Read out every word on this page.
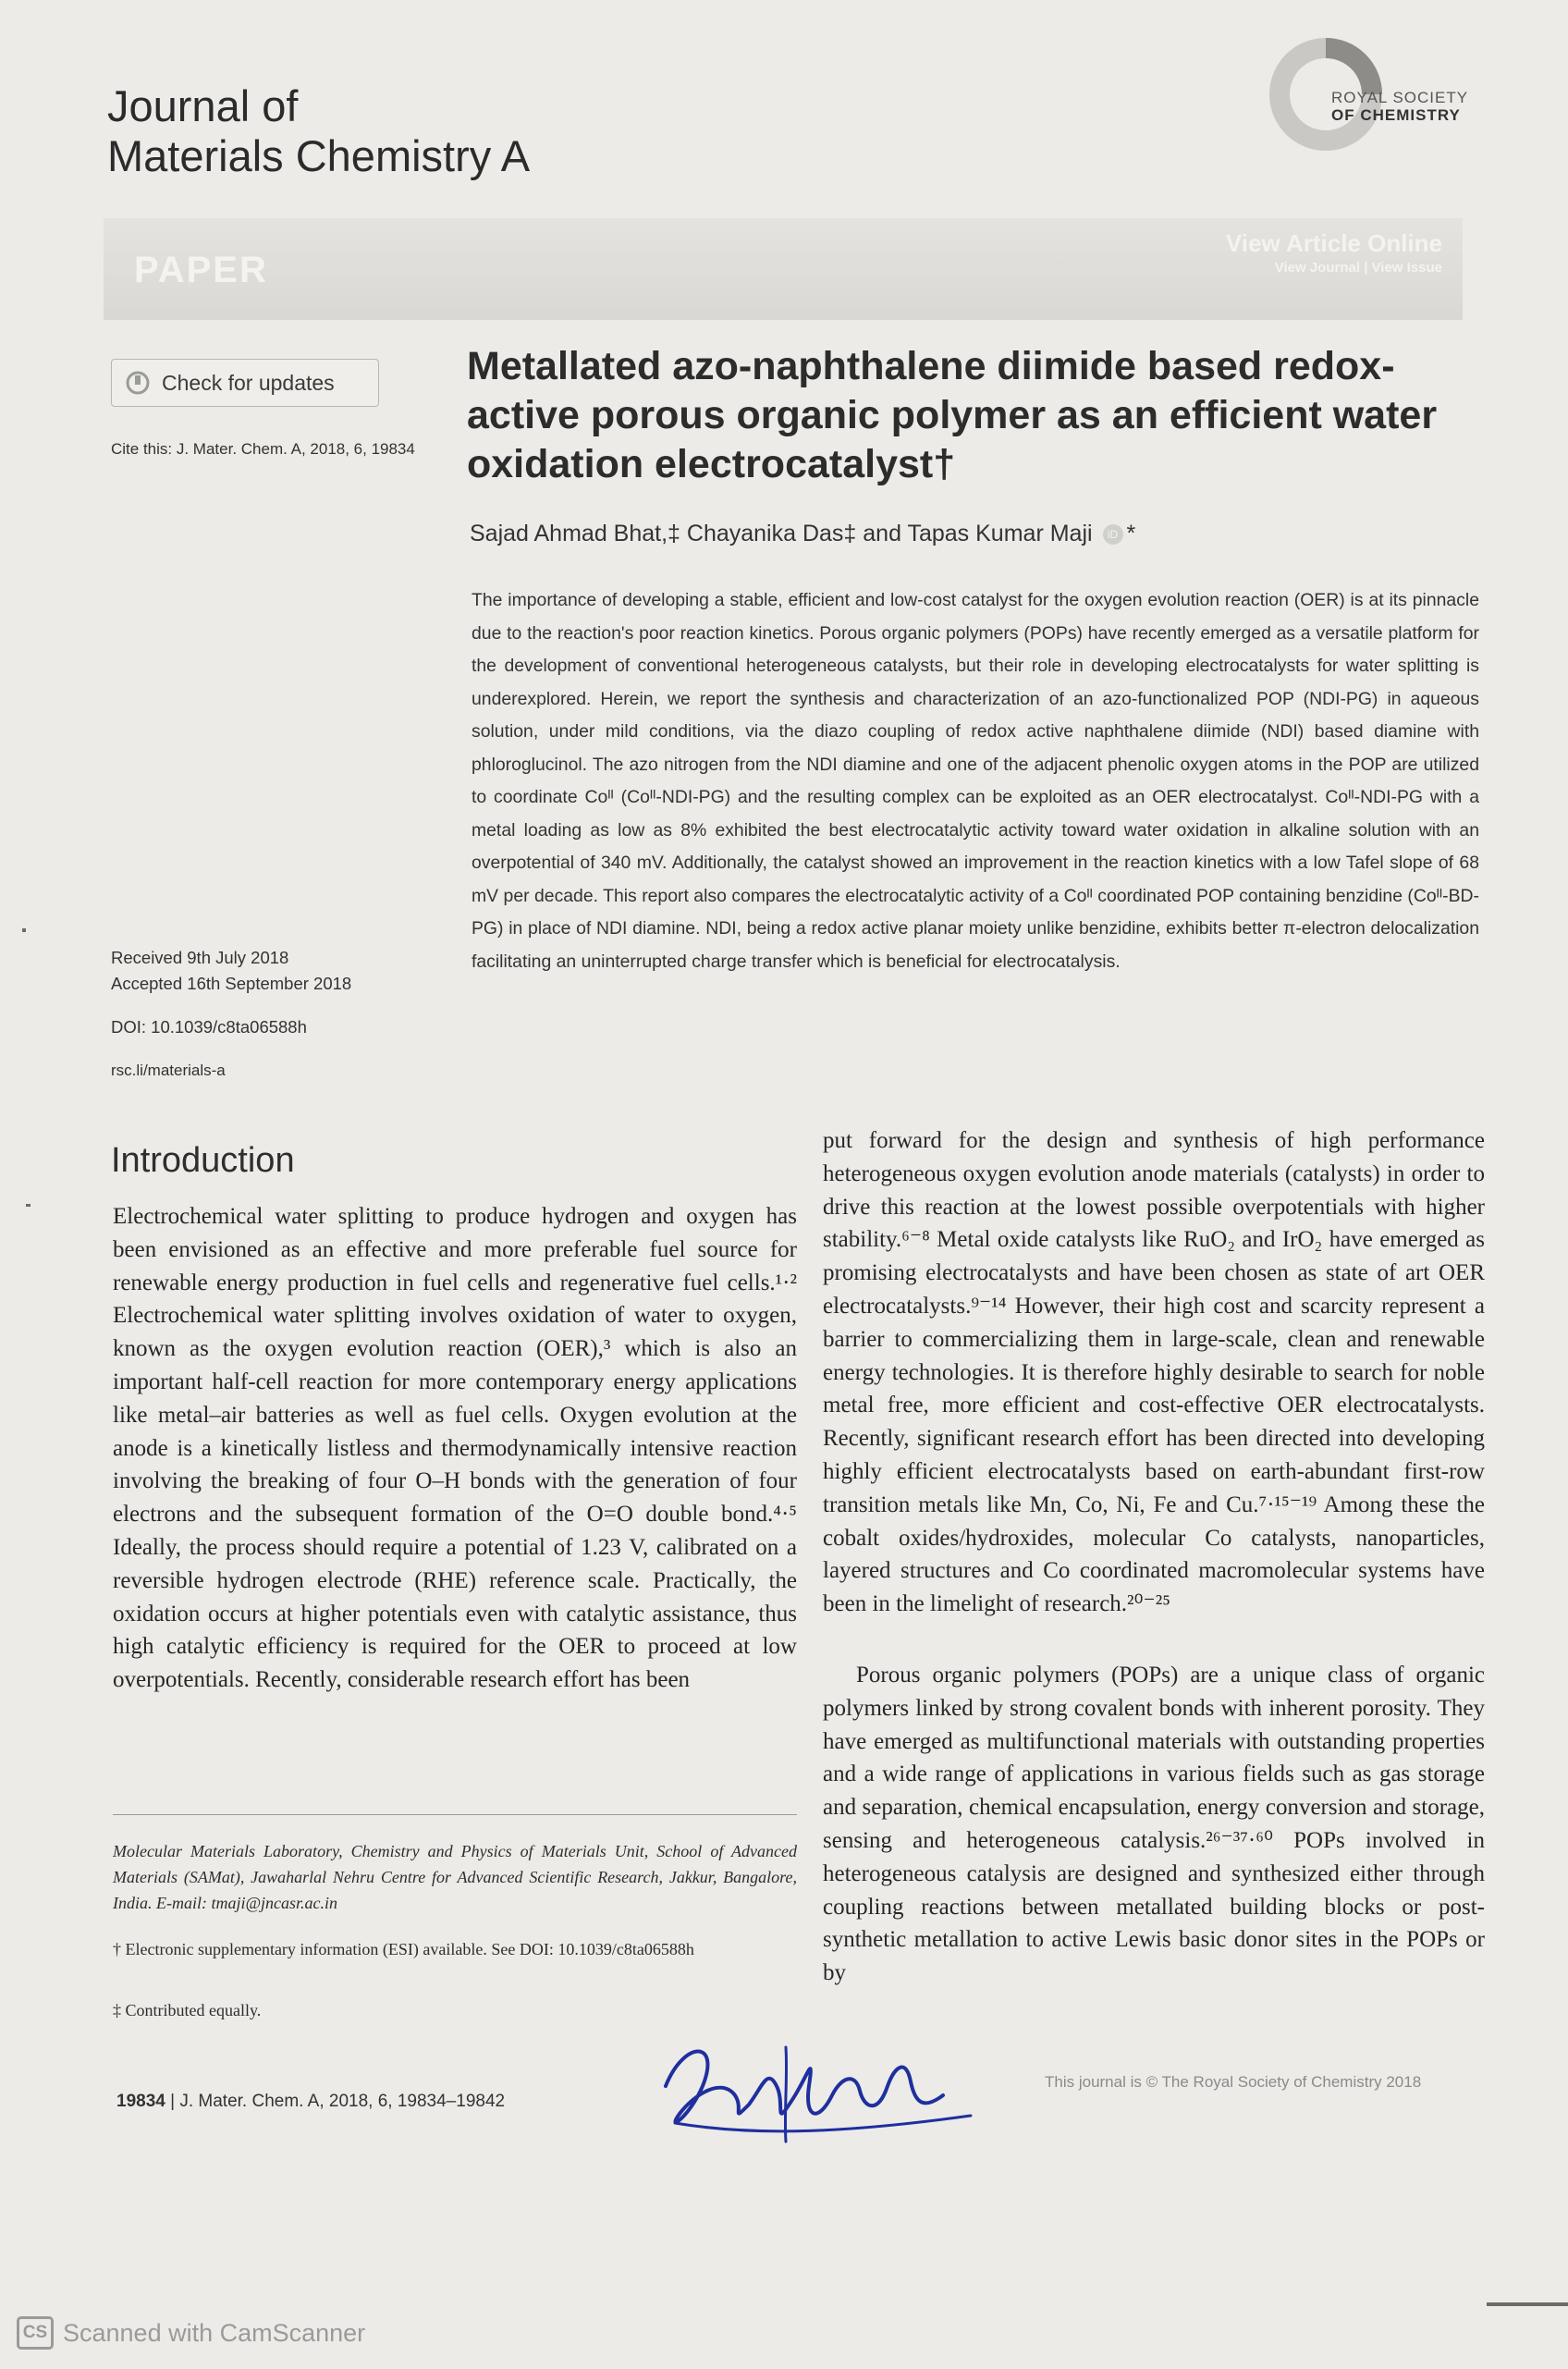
Journal of
Materials Chemistry A
ROYAL SOCIETY
OF CHEMISTRY
PAPER
View Article Online
View Journal | View Issue
Check for updates
Cite this: J. Mater. Chem. A, 2018, 6, 19834
Metallated azo-naphthalene diimide based redox-active porous organic polymer as an efficient water oxidation electrocatalyst†
Sajad Ahmad Bhat,‡ Chayanika Das‡ and Tapas Kumar Maji iD *

The importance of developing a stable, efficient and low-cost catalyst for the oxygen evolution reaction (OER) is at its pinnacle due to the reaction's poor reaction kinetics. Porous organic polymers (POPs) have recently emerged as a versatile platform for the development of conventional heterogeneous catalysts, but their role in developing electrocatalysts for water splitting is underexplored. Herein, we report the synthesis and characterization of an azo-functionalized POP (NDI-PG) in aqueous solution, under mild conditions, via the diazo coupling of redox active naphthalene diimide (NDI) based diamine with phloroglucinol. The azo nitrogen from the NDI diamine and one of the adjacent phenolic oxygen atoms in the POP are utilized to coordinate Coᴵᴵ (Coᴵᴵ-NDI-PG) and the resulting complex can be exploited as an OER electrocatalyst. Coᴵᴵ-NDI-PG with a metal loading as low as 8% exhibited the best electrocatalytic activity toward water oxidation in alkaline solution with an overpotential of 340 mV. Additionally, the catalyst showed an improvement in the reaction kinetics with a low Tafel slope of 68 mV per decade. This report also compares the electrocatalytic activity of a Coᴵᴵ coordinated POP containing benzidine (Coᴵᴵ-BD-PG) in place of NDI diamine. NDI, being a redox active planar moiety unlike benzidine, exhibits better π-electron delocalization facilitating an uninterrupted charge transfer which is beneficial for electrocatalysis.

Received 9th July 2018
Accepted 16th September 2018
DOI: 10.1039/c8ta06588h
rsc.li/materials-a
Introduction

Electrochemical water splitting to produce hydrogen and oxygen has been envisioned as an effective and more preferable fuel source for renewable energy production in fuel cells and regenerative fuel cells.¹·² Electrochemical water splitting involves oxidation of water to oxygen, known as the oxygen evolution reaction (OER),³ which is also an important half-cell reaction for more contemporary energy applications like metal–air batteries as well as fuel cells. Oxygen evolution at the anode is a kinetically listless and thermodynamically intensive reaction involving the breaking of four O–H bonds with the generation of four electrons and the subsequent formation of the O=O double bond.⁴·⁵ Ideally, the process should require a potential of 1.23 V, calibrated on a reversible hydrogen electrode (RHE) reference scale. Practically, the oxidation occurs at higher potentials even with catalytic assistance, thus high catalytic efficiency is required for the OER to proceed at low overpotentials. Recently, considerable research effort has been

put forward for the design and synthesis of high performance heterogeneous oxygen evolution anode materials (catalysts) in order to drive this reaction at the lowest possible overpotentials with higher stability.⁶⁻⁸ Metal oxide catalysts like RuO₂ and IrO₂ have emerged as promising electrocatalysts and have been chosen as state of art OER electrocatalysts.⁹⁻¹⁴ However, their high cost and scarcity represent a barrier to commercializing them in large-scale, clean and renewable energy technologies. It is therefore highly desirable to search for noble metal free, more efficient and cost-effective OER electrocatalysts. Recently, significant research effort has been directed into developing highly efficient electrocatalysts based on earth-abundant first-row transition metals like Mn, Co, Ni, Fe and Cu.⁷·¹⁵⁻¹⁹ Among these the cobalt oxides/hydroxides, molecular Co catalysts, nanoparticles, layered structures and Co coordinated macromolecular systems have been in the limelight of research.²⁰⁻²⁵

Porous organic polymers (POPs) are a unique class of organic polymers linked by strong covalent bonds with inherent porosity. They have emerged as multifunctional materials with outstanding properties and a wide range of applications in various fields such as gas storage and separation, chemical encapsulation, energy conversion and storage, sensing and heterogeneous catalysis.²⁶⁻³⁷·⁶⁰ POPs involved in heterogeneous catalysis are designed and synthesized either through coupling reactions between metallated building blocks or post-synthetic metallation to active Lewis basic donor sites in the POPs or by

Molecular Materials Laboratory, Chemistry and Physics of Materials Unit, School of Advanced Materials (SAMat), Jawaharlal Nehru Centre for Advanced Scientific Research, Jakkur, Bangalore, India. E-mail: tmaji@jncasr.ac.in

† Electronic supplementary information (ESI) available. See DOI: 10.1039/c8ta06588h

‡ Contributed equally.
19834 | J. Mater. Chem. A, 2018, 6, 19834–19842
This journal is © The Royal Society of Chemistry 2018
CS Scanned with CamScanner
